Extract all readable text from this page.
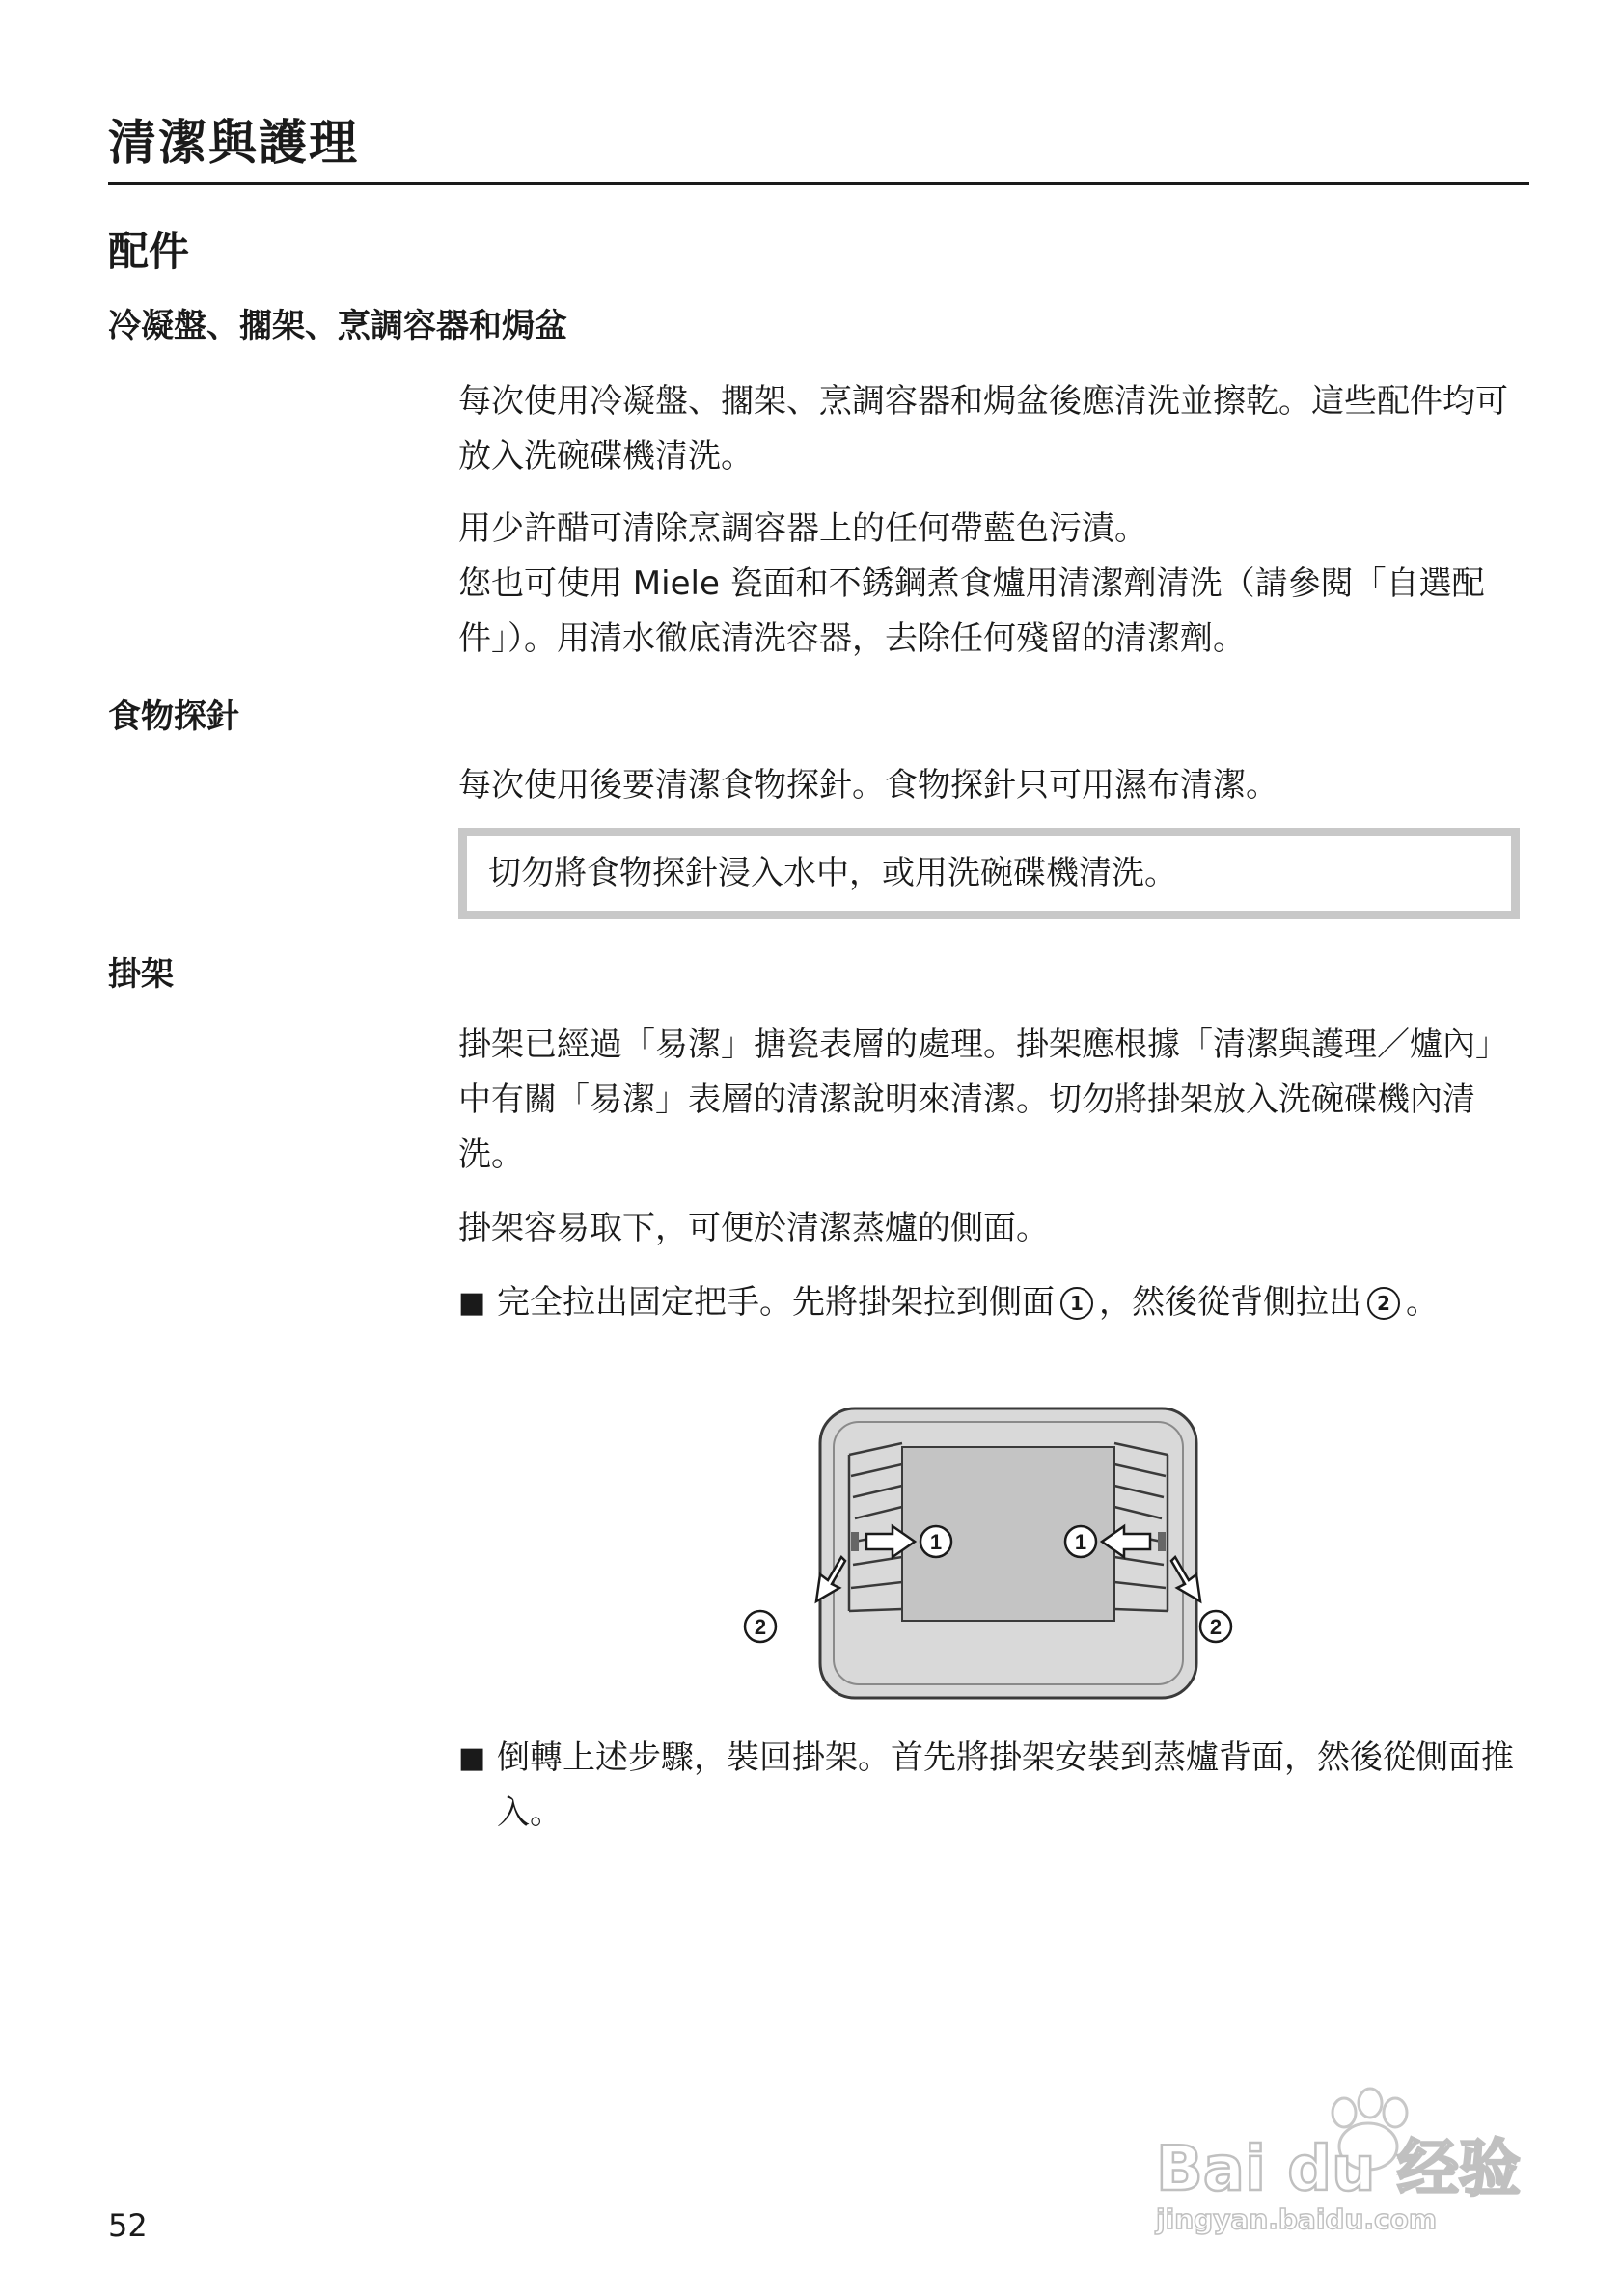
清潔與護理
配件
冷凝盤、擱架、烹調容器和焗盆
每次使用冷凝盤、擱架、烹調容器和焗盆後應清洗並擦乾。這些配件均可放入洗碗碟機清洗。
用少許醋可清除烹調容器上的任何帶藍色污漬。
您也可使用 Miele 瓷面和不銹鋼煮食爐用清潔劑清洗（請參閱「自選配件」）。用清水徹底清洗容器，去除任何殘留的清潔劑。
食物探針
每次使用後要清潔食物探針。食物探針只可用濕布清潔。
切勿將食物探針浸入水中，或用洗碗碟機清洗。
掛架
掛架已經過「易潔」搪瓷表層的處理。掛架應根據「清潔與護理／爐內」中有關「易潔」表層的清潔說明來清潔。切勿將掛架放入洗碗碟機內清洗。
掛架容易取下，可便於清潔蒸爐的側面。
■ 完全拉出固定把手。先將掛架拉到側面 1 ，然後從背側拉出 2 。
1	1
2	2
■ 倒轉上述步驟，裝回掛架。首先將掛架安裝到蒸爐背面，然後從側面推入。
52
Bai du 经验
jingyan.baidu.com
